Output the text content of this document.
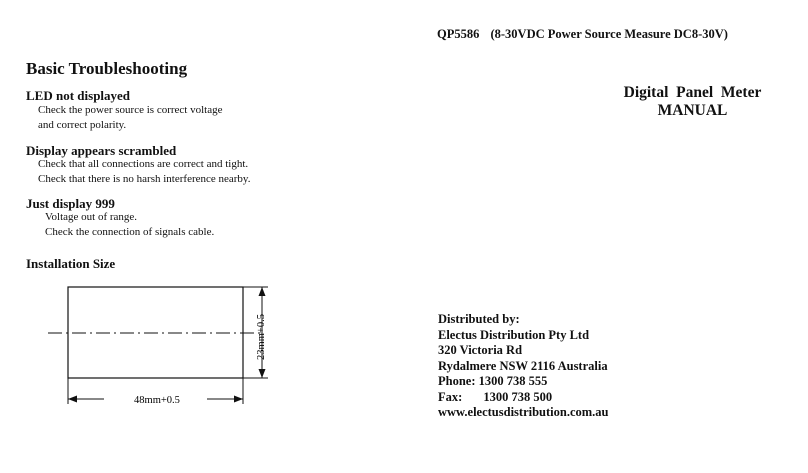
QP5586 (8-30VDC Power Source Measure DC8-30V)
Basic Troubleshooting
LED not displayed
Check the power source is correct voltage
and correct polarity.
Display appears scrambled
Check that all connections are correct and tight.
Check that there is no harsh interference nearby.
Just display 999
Voltage out of range.
Check the connection of signals cable.
Installation Size
23mm+0.5
48mm+0.5
Digital  Panel  Meter
MANUAL
Distributed by:
Electus Distribution Pty Ltd
320 Victoria Rd
Rydalmere NSW 2116 Australia
Phone: 1300 738 555
Fax: 1300 738 500
www.electusdistribution.com.au
